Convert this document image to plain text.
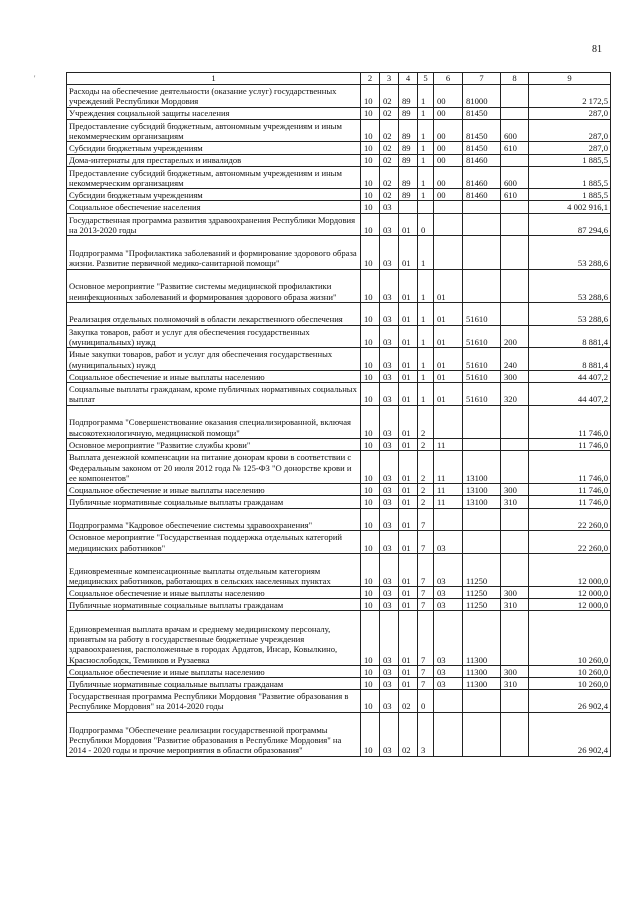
81
1	2	3	4	5	6	7	8	9
Расходы на обеспечение деятельности (оказание услуг) государственных учреждений Республики Мордовия	10	02	89	1	00	81000		2 172,5
Учреждения социальной защиты населения	10	02	89	1	00	81450		287,0
Предоставление субсидий бюджетным, автономным учреждениям и иным некоммерческим организациям	10	02	89	1	00	81450	600	287,0
Субсидии бюджетным учреждениям	10	02	89	1	00	81450	610	287,0
Дома-интернаты для престарелых и инвалидов	10	02	89	1	00	81460		1 885,5
Предоставление субсидий бюджетным, автономным учреждениям и иным некоммерческим организациям	10	02	89	1	00	81460	600	1 885,5
Субсидии бюджетным учреждениям	10	02	89	1	00	81460	610	1 885,5
Социальное обеспечение населения	10	03						4 002 916,1
Государственная программа развития здравоохранения Республики Мордовия на 2013-2020 годы	10	03	01	0				87 294,6
Подпрограмма "Профилактика заболеваний и формирование здорового образа жизни. Развитие первичной медико-санитарной помощи"	10	03	01	1				53 288,6
Основное мероприятие "Развитие системы медицинской профилактики неинфекционных заболеваний и формирования здорового образа жизни"	10	03	01	1	01			53 288,6
Реализация отдельных полномочий в области лекарственного обеспечения	10	03	01	1	01	51610		53 288,6
Закупка товаров, работ и услуг для обеспечения государственных (муниципальных) нужд	10	03	01	1	01	51610	200	8 881,4
Иные закупки товаров, работ и услуг для обеспечения государственных (муниципальных) нужд	10	03	01	1	01	51610	240	8 881,4
Социальное обеспечение и иные выплаты населению	10	03	01	1	01	51610	300	44 407,2
Социальные выплаты гражданам, кроме публичных нормативных социальных выплат	10	03	01	1	01	51610	320	44 407,2
Подпрограмма "Совершенствование оказания специализированной, включая высокотехнологичную, медицинской помощи"	10	03	01	2				11 746,0
Основное мероприятие "Развитие службы крови"	10	03	01	2	11			11 746,0
Выплата денежной компенсации на питание донорам крови в соответствии с Федеральным законом от 20 июля 2012 года № 125-ФЗ "О донорстве крови и ее компонентов"	10	03	01	2	11	13100		11 746,0
Социальное обеспечение и иные выплаты населению	10	03	01	2	11	13100	300	11 746,0
Публичные нормативные социальные выплаты гражданам	10	03	01	2	11	13100	310	11 746,0
Подпрограмма "Кадровое обеспечение системы здравоохранения"	10	03	01	7				22 260,0
Основное мероприятие "Государственная поддержка отдельных категорий медицинских работников"	10	03	01	7	03			22 260,0
Единовременные компенсационные выплаты отдельным категориям медицинских работников, работающих в сельских населенных пунктах	10	03	01	7	03	11250		12 000,0
Социальное обеспечение и иные выплаты населению	10	03	01	7	03	11250	300	12 000,0
Публичные нормативные социальные выплаты гражданам	10	03	01	7	03	11250	310	12 000,0
Единовременная выплата врачам и среднему медицинскому персоналу, принятым на работу в государственные бюджетные учреждения здравоохранения, расположенные в городах Ардатов, Инсар, Ковылкино, Краснослободск, Темников и Рузаевка	10	03	01	7	03	11300		10 260,0
Социальное обеспечение и иные выплаты населению	10	03	01	7	03	11300	300	10 260,0
Публичные нормативные социальные выплаты гражданам	10	03	01	7	03	11300	310	10 260,0
Государственная программа Республики Мордовия "Развитие образования в Республике Мордовия" на 2014-2020 годы	10	03	02	0				26 902,4
Подпрограмма "Обеспечение реализации государственной программы Республики Мордовия "Развитие образования в Республике Мордовия" на 2014 - 2020 годы и прочие мероприятия в области образования"	10	03	02	3				26 902,4
'
